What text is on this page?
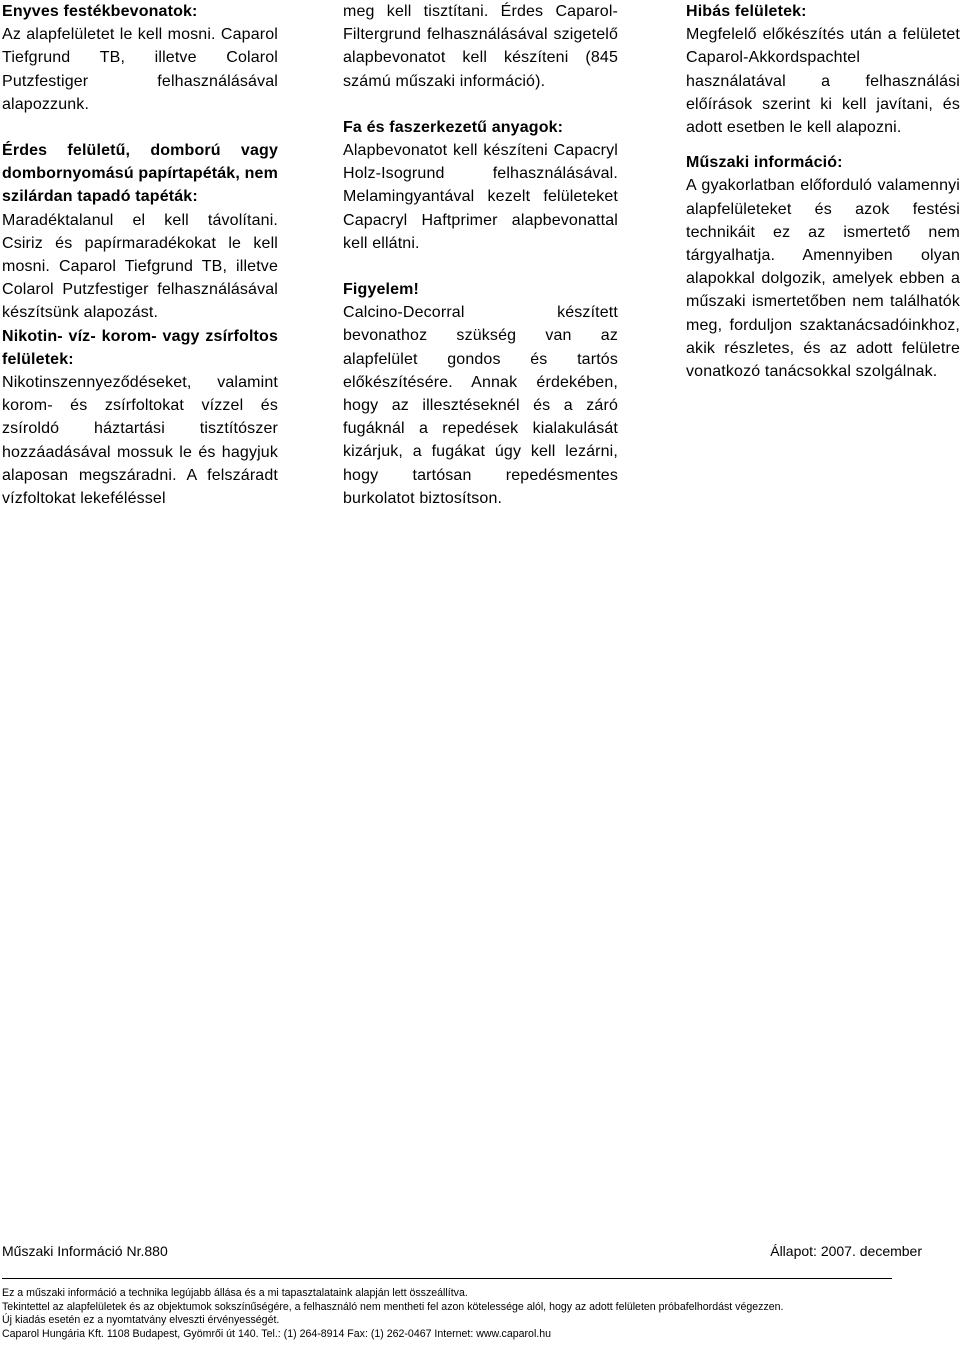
Enyves festékbevonatok:

Az alapfelületet le kell mosni. Caparol Tiefgrund TB, illetve Colarol Putzfestiger felhasználásával alapozzunk.

Érdes felületű, domború vagy dombornyomású papírtapéták, nem szilárdan tapadó tapéták:

Maradéktalanul el kell távolítani. Csiriz és papírmaradékokat le kell mosni. Caparol Tiefgrund TB, illetve Colarol Putzfestiger felhasználásával készítsünk alapozást.

Nikotin- víz- korom- vagy zsírfoltos felületek:

Nikotinszennyeződéseket, valamint korom- és zsírfoltokat vízzel és zsíroldó háztartási tisztítószer hozzáadásával mossuk le és hagyjuk alaposan megszáradni. A felszáradt vízfoltokat lekeféléssel

meg kell tisztítani. Érdes Caparol-Filtergrund felhasználásával szigetelő alapbevonatot kell készíteni (845 számú műszaki információ).

Fa és faszerkezetű anyagok:

Alapbevonatot kell készíteni Capacryl Holz-Isogrund felhasználásával. Melamingyantával kezelt felületeket Capacryl Haftprimer alapbevonattal kell ellátni.

Figyelem!

Calcino-Decorral készített bevonathoz szükség van az alapfelület gondos és tartós előkészítésére. Annak érdekében, hogy az illesztéseknél és a záró fugáknál a repedések kialakulását kizárjuk, a fugákat úgy kell lezárni, hogy tartósan repedésmentes burkolatot biztosítson.

Hibás felületek:

Megfelelő előkészítés után a felületet Caparol-Akkordspachtel használatával a felhasználási előírások szerint ki kell javítani, és adott esetben le kell alapozni.

Műszaki információ:

A gyakorlatban előforduló valamennyi alapfelületeket és azok festési technikáit ez az ismertető nem tárgyalhatja. Amennyiben olyan alapokkal dolgozik, amelyek ebben a műszaki ismertetőben nem találhatók meg, forduljon szaktanácsadóinkhoz, akik részletes, és az adott felületre vonatkozó tanácsokkal szolgálnak.

Műszaki Információ Nr.880	Állapot: 2007. december
Ez a műszaki információ a technika legújabb állása és a mi tapasztalataink alapján lett összeállítva.
Tekintettel az alapfelületek és az objektumok sokszínűségére, a felhasználó nem mentheti fel azon kötelessége alól, hogy az adott felületen próbafelhordást végezzen.
Új kiadás esetén ez a nyomtatvány elveszti érvényességét.
Caparol Hungária Kft. 1108 Budapest, Gyömrői út 140. Tel.: (1) 264-8914 Fax: (1) 262-0467 Internet: www.caparol.hu
